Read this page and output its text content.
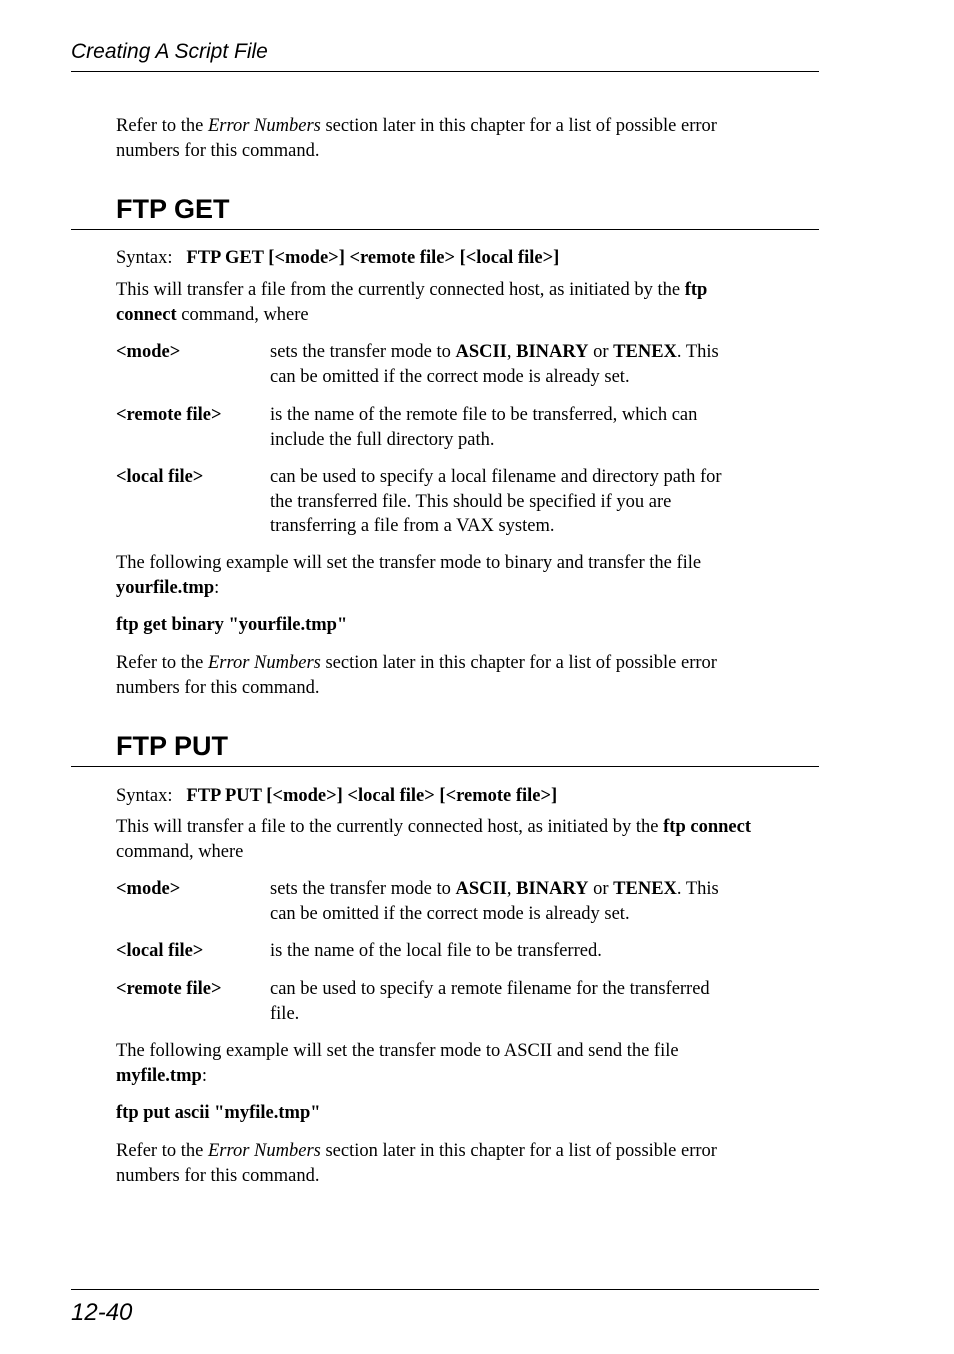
Creating A Script File

Refer to the Error Numbers section later in this chapter for a list of possible error
numbers for this command.

FTP GET

Syntax: FTP GET [<mode>] <remote file> [<local file>]

This will transfer a file from the currently connected host, as initiated by the ftp
connect command, where

<mode>	sets the transfer mode to ASCII, BINARY or TENEX. This
can be omitted if the correct mode is already set.
<remote file>	is the name of the remote file to be transferred, which can
include the full directory path.
<local file>	can be used to specify a local filename and directory path for
the transferred file. This should be specified if you are
transferring a file from a VAX system.

The following example will set the transfer mode to binary and transfer the file
yourfile.tmp:

ftp get binary "yourfile.tmp"

Refer to the Error Numbers section later in this chapter for a list of possible error
numbers for this command.

FTP PUT

Syntax: FTP PUT [<mode>] <local file> [<remote file>]

This will transfer a file to the currently connected host, as initiated by the ftp connect
command, where

<mode>	sets the transfer mode to ASCII, BINARY or TENEX. This
can be omitted if the correct mode is already set.
<local file>	is the name of the local file to be transferred.
<remote file>	can be used to specify a remote filename for the transferred
file.

The following example will set the transfer mode to ASCII and send the file
myfile.tmp:

ftp put ascii "myfile.tmp"

Refer to the Error Numbers section later in this chapter for a list of possible error
numbers for this command.

12-40
